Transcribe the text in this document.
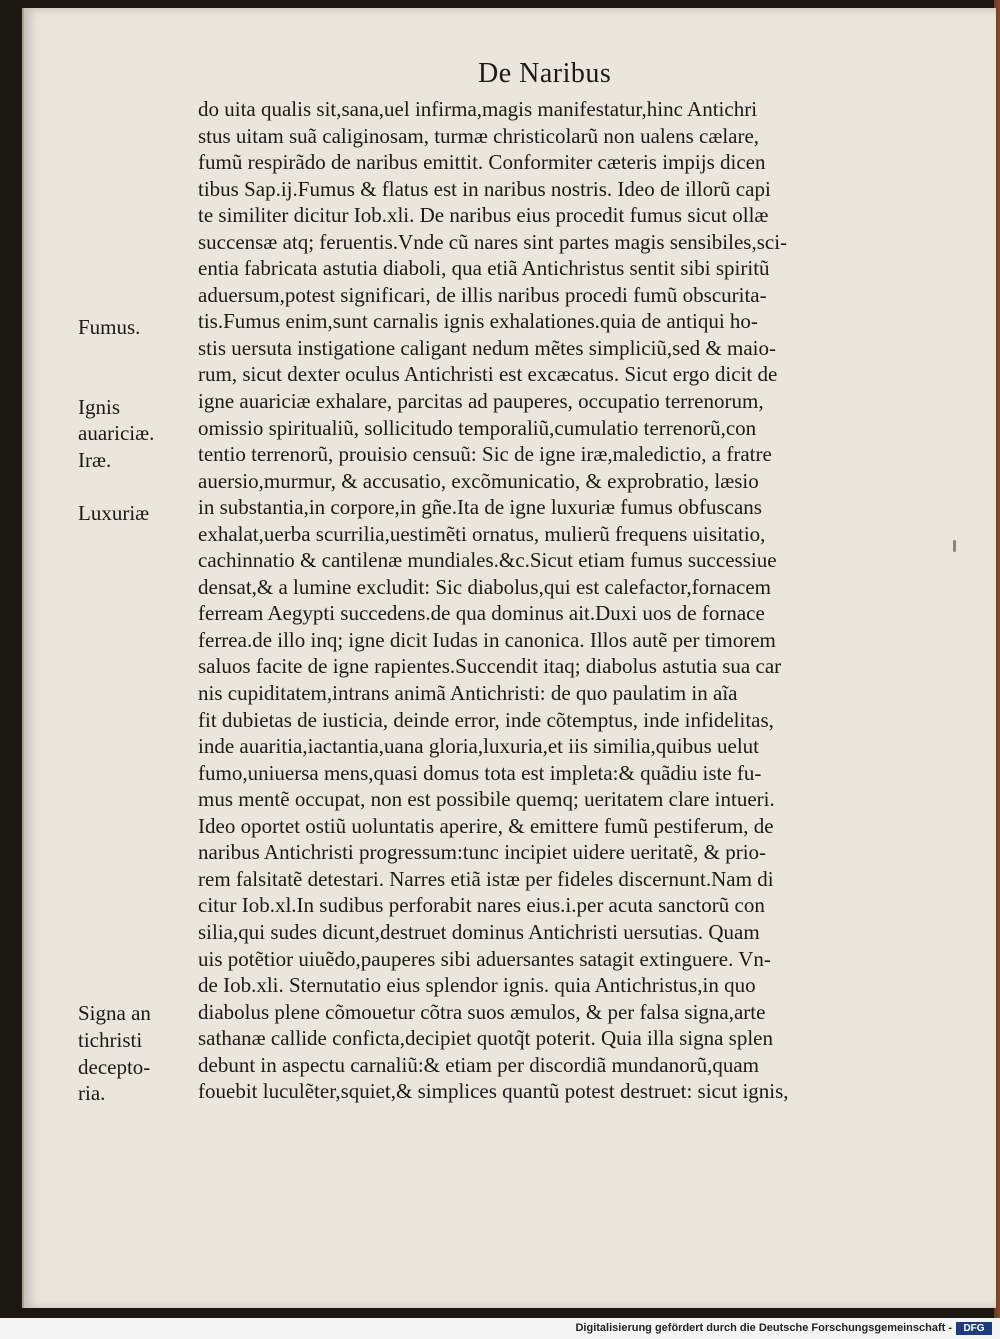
De Naribus
do uita qualis sit,sana,uel infirma,magis manifestatur,hinc Antichri
stus uitam suã caliginosam, turmæ christicolarũ non ualens cælare,
fumũ respirãdo de naribus emittit. Conformiter cæteris impijs dicen
tibus Sap.ij.Fumus & flatus est in naribus nostris. Ideo de illorũ capi
te similiter dicitur Iob.xli. De naribus eius procedit fumus sicut ollæ
succensæ atq; feruentis.Vnde cũ nares sint partes magis sensibiles,sci-
entia fabricata astutia diaboli, qua etiã Antichristus sentit sibi spiritũ
aduersum,potest significari, de illis naribus procedi fumũ obscurita-
tis.Fumus enim,sunt carnalis ignis exhalationes.quia de antiqui ho-
stis uersuta instigatione caligant nedum mẽtes simpliciũ,sed & maio-
rum, sicut dexter oculus Antichristi est excæcatus. Sicut ergo dicit de
igne auariciæ exhalare, parcitas ad pauperes, occupatio terrenorum,
omissio spiritualiũ, sollicitudo temporaliũ,cumulatio terrenorũ,con
tentio terrenorũ, prouisio censuũ: Sic de igne iræ,maledictio, a fratre
auersio,murmur, & accusatio, excõmunicatio, & exprobratio, læsio
in substantia,in corpore,in gñe.Ita de igne luxuriæ fumus obfuscans
exhalat,uerba scurrilia,uestimẽti ornatus, mulierũ frequens uisitatio,
cachinnatio & cantilenæ mundiales.&c.Sicut etiam fumus successiue
densat,& a lumine excludit: Sic diabolus,qui est calefactor,fornacem
ferream Aegypti succedens.de qua dominus ait.Duxi uos de fornace
ferrea.de illo inq; igne dicit Iudas in canonica. Illos autẽ per timorem
saluos facite de igne rapientes.Succendit itaq; diabolus astutia sua car
nis cupiditatem,intrans animã Antichristi: de quo paulatim in aĩa
fit dubietas de iusticia, deinde error, inde cõtemptus, inde infidelitas,
inde auaritia,iactantia,uana gloria,luxuria,et iis similia,quibus uelut
fumo,uniuersa mens,quasi domus tota est impleta:& quãdiu iste fu-
mus mentẽ occupat, non est possibile quemq; ueritatem clare intueri.
Ideo oportet ostiũ uoluntatis aperire, & emittere fumũ pestiferum, de
naribus Antichristi progressum:tunc incipiet uidere ueritatẽ, & prio-
rem falsitatẽ detestari. Narres etiã istæ per fideles discernunt.Nam di
citur Iob.xl.In sudibus perforabit nares eius.i.per acuta sanctorũ con
silia,qui sudes dicunt,destruet dominus Antichristi uersutias. Quam
uis potẽtior uiuẽdo,pauperes sibi aduersantes satagit extinguere. Vn-
de Iob.xli. Sternutatio eius splendor ignis. quia Antichristus,in quo
diabolus plene cõmouetur cõtra suos æmulos, & per falsa signa,arte
sathanæ callide conficta,decipiet quotq̃t poterit. Quia illa signa splen
debunt in aspectu carnaliũ:& etiam per discordiã mundanorũ,quam
fouebit luculẽter,squiet,& simplices quantũ potest destruet: sicut ignis,
Fumus.
Ignis
auariciæ.
Iræ.
Luxuriæ
Signa an
tichristi
decepto-
ria.
Digitalisierung gefördert durch die Deutsche Forschungsgemeinschaft -	DFG
